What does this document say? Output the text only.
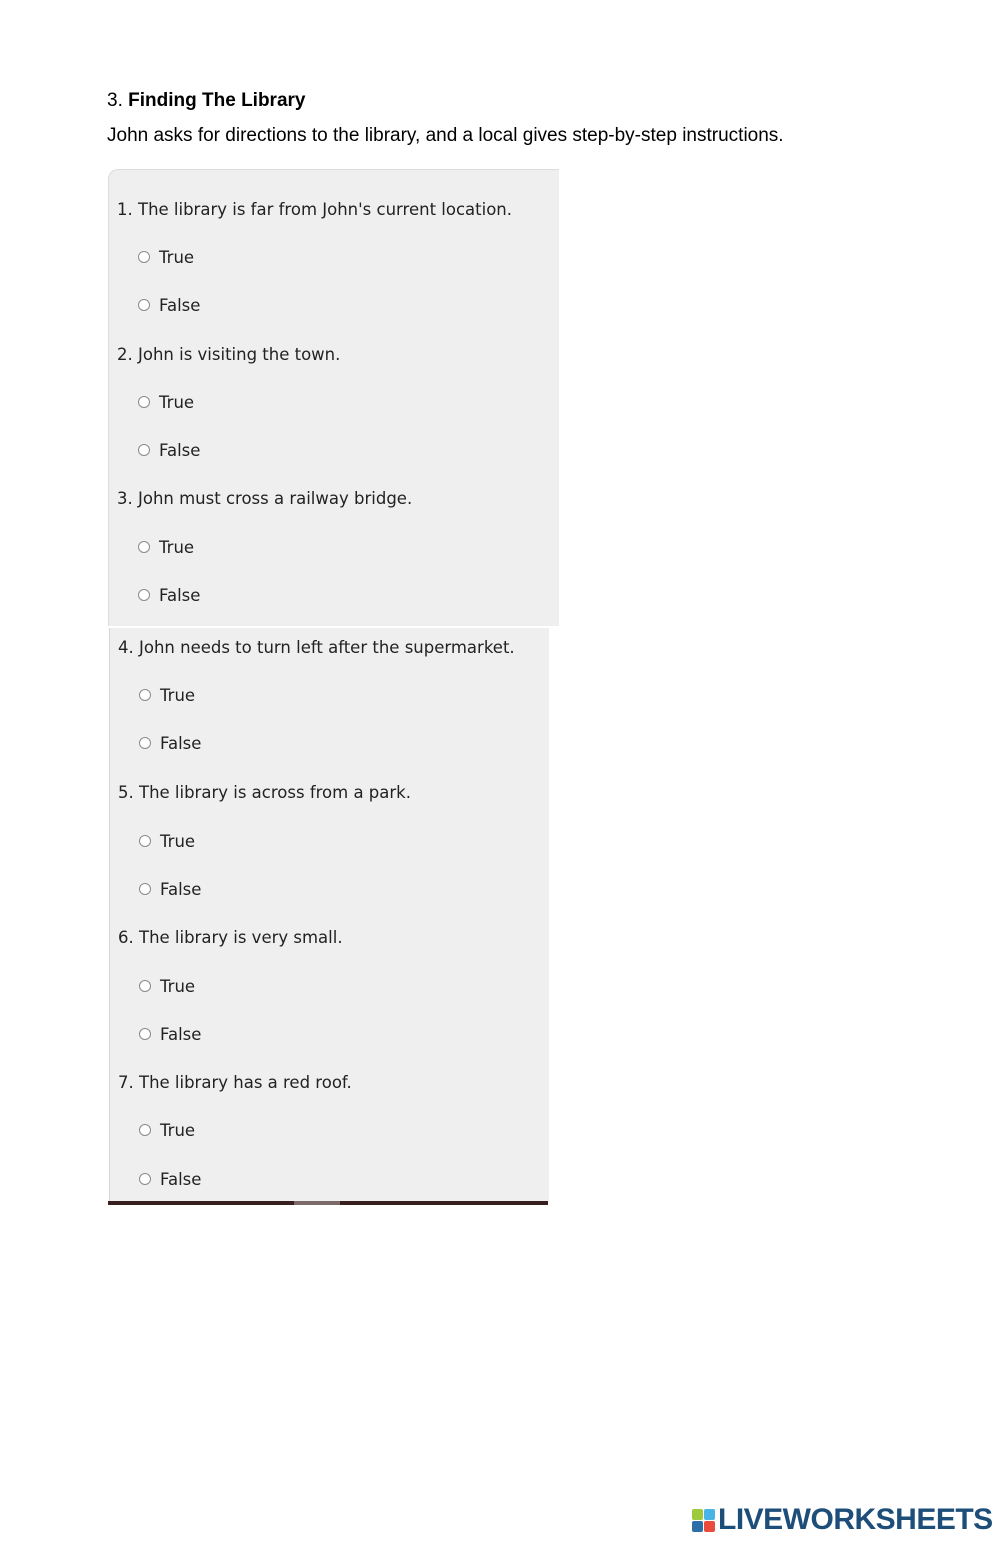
3. Finding The Library
John asks for directions to the library, and a local gives step-by-step instructions.
1. The library is far from John's current location.
True
False
2. John is visiting the town.
True
False
3. John must cross a railway bridge.
True
False
4. John needs to turn left after the supermarket.
True
False
5. The library is across from a park.
True
False
6. The library is very small.
True
False
7. The library has a red roof.
True
False
LIVEWORKSHEETS
